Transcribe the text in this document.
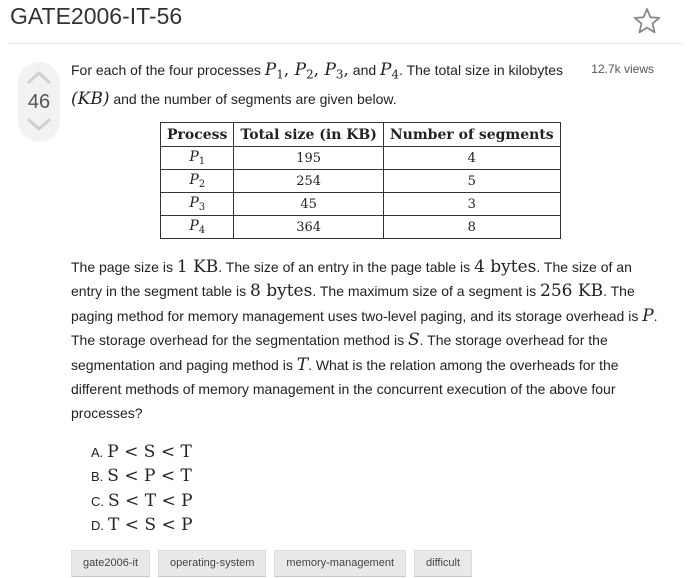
GATE2006-IT-56
46
12.7k views

For each of the four processes $P_1$, $P_2$, $P_3$, and $P_4$. The total size in kilobytes (KB) and the number of segments are given below.

Process	Total size (in KB)	Number of segments
$P_1$	195	4
$P_2$	254	5
$P_3$	45	3
$P_4$	364	8

The page size is 1 KB. The size of an entry in the page table is 4 bytes. The size of an entry in the segment table is 8 bytes. The maximum size of a segment is 256 KB. The paging method for memory management uses two-level paging, and its storage overhead is P. The storage overhead for the segmentation method is S. The storage overhead for the segmentation and paging method is T. What is the relation among the overheads for the different methods of memory management in the concurrent execution of the above four processes?

A. P < S < T
B. S < P < T
C. S < T < P
D. T < S < P
gate2006-it	operating-system	memory-management	difficult
